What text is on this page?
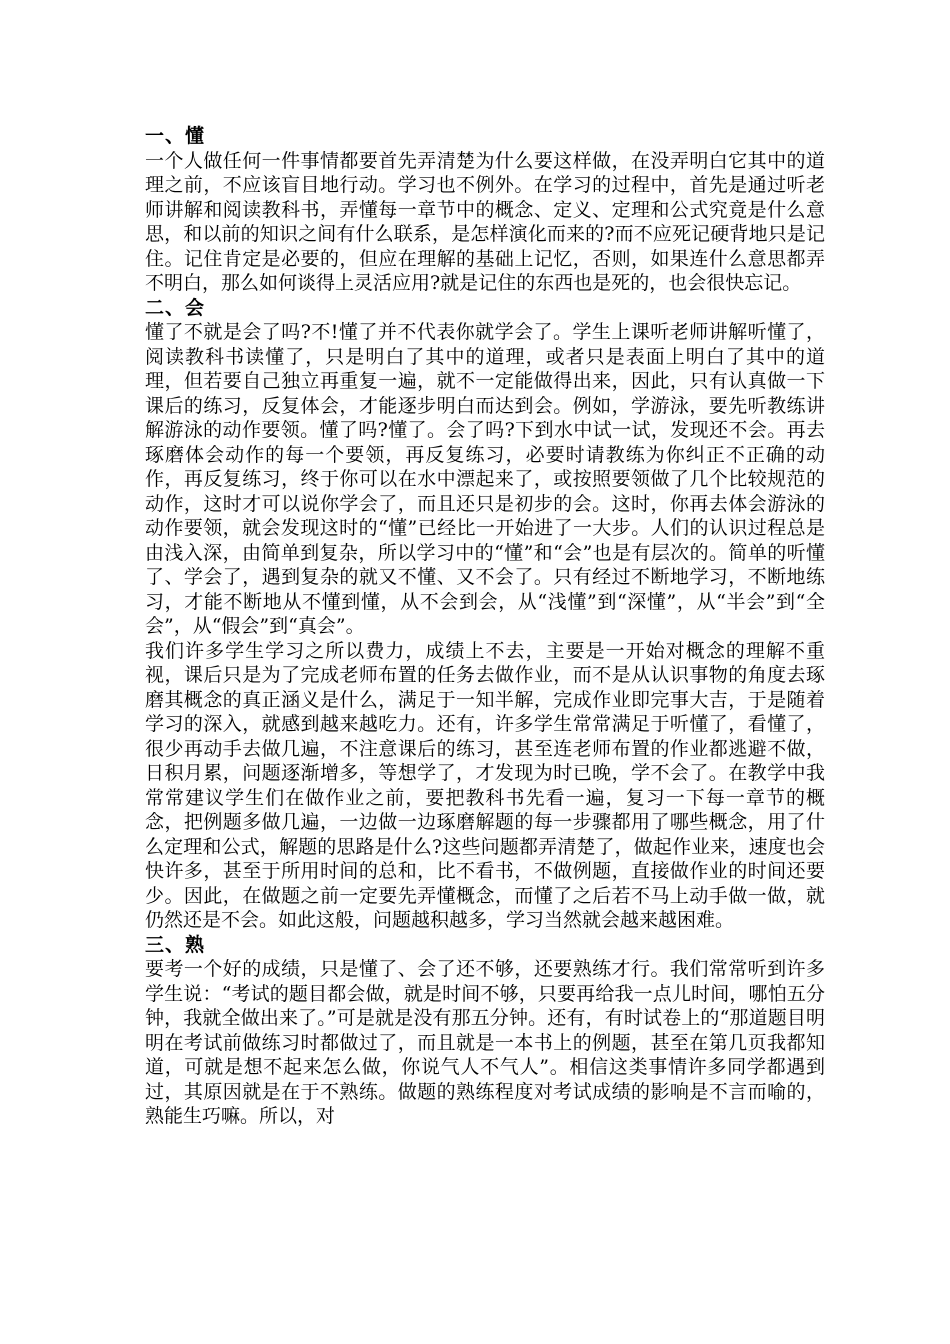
一、懂

一个人做任何一件事情都要首先弄清楚为什么要这样做，在没弄明白它其中的道理之前，不应该盲目地行动。学习也不例外。在学习的过程中，首先是通过听老师讲解和阅读教科书，弄懂每一章节中的概念、定义、定理和公式究竟是什么意思，和以前的知识之间有什么联系，是怎样演化而来的?而不应死记硬背地只是记住。记住肯定是必要的，但应在理解的基础上记忆，否则，如果连什么意思都弄不明白，那么如何谈得上灵活应用?就是记住的东西也是死的，也会很快忘记。

二、会

懂了不就是会了吗?不!懂了并不代表你就学会了。学生上课听老师讲解听懂了，阅读教科书读懂了，只是明白了其中的道理，或者只是表面上明白了其中的道理，但若要自己独立再重复一遍，就不一定能做得出来，因此，只有认真做一下课后的练习，反复体会，才能逐步明白而达到会。例如，学游泳，要先听教练讲解游泳的动作要领。懂了吗?懂了。会了吗?下到水中试一试，发现还不会。再去琢磨体会动作的每一个要领，再反复练习，必要时请教练为你纠正不正确的动作，再反复练习，终于你可以在水中漂起来了，或按照要领做了几个比较规范的动作，这时才可以说你学会了，而且还只是初步的会。这时，你再去体会游泳的动作要领，就会发现这时的“懂”已经比一开始进了一大步。人们的认识过程总是由浅入深，由简单到复杂，所以学习中的“懂”和“会”也是有层次的。简单的听懂了、学会了，遇到复杂的就又不懂、又不会了。只有经过不断地学习，不断地练习，才能不断地从不懂到懂，从不会到会，从“浅懂”到“深懂”，从“半会”到“全会”，从“假会”到“真会”。

我们许多学生学习之所以费力，成绩上不去，主要是一开始对概念的理解不重视，课后只是为了完成老师布置的任务去做作业，而不是从认识事物的角度去琢磨其概念的真正涵义是什么，满足于一知半解，完成作业即完事大吉，于是随着学习的深入，就感到越来越吃力。还有，许多学生常常满足于听懂了，看懂了，很少再动手去做几遍，不注意课后的练习，甚至连老师布置的作业都逃避不做，日积月累，问题逐渐增多，等想学了，才发现为时已晚，学不会了。在教学中我常常建议学生们在做作业之前，要把教科书先看一遍，复习一下每一章节的概念，把例题多做几遍，一边做一边琢磨解题的每一步骤都用了哪些概念，用了什么定理和公式，解题的思路是什么?这些问题都弄清楚了，做起作业来，速度也会快许多，甚至于所用时间的总和，比不看书，不做例题，直接做作业的时间还要少。因此，在做题之前一定要先弄懂概念，而懂了之后若不马上动手做一做，就仍然还是不会。如此这般，问题越积越多，学习当然就会越来越困难。

三、熟

要考一个好的成绩，只是懂了、会了还不够，还要熟练才行。我们常常听到许多学生说：“考试的题目都会做，就是时间不够，只要再给我一点儿时间，哪怕五分钟，我就全做出来了。”可是就是没有那五分钟。还有，有时试卷上的“那道题目明明在考试前做练习时都做过了，而且就是一本书上的例题，甚至在第几页我都知道，可就是想不起来怎么做，你说气人不气人”。相信这类事情许多同学都遇到过，其原因就是在于不熟练。做题的熟练程度对考试成绩的影响是不言而喻的，熟能生巧嘛。所以，对
